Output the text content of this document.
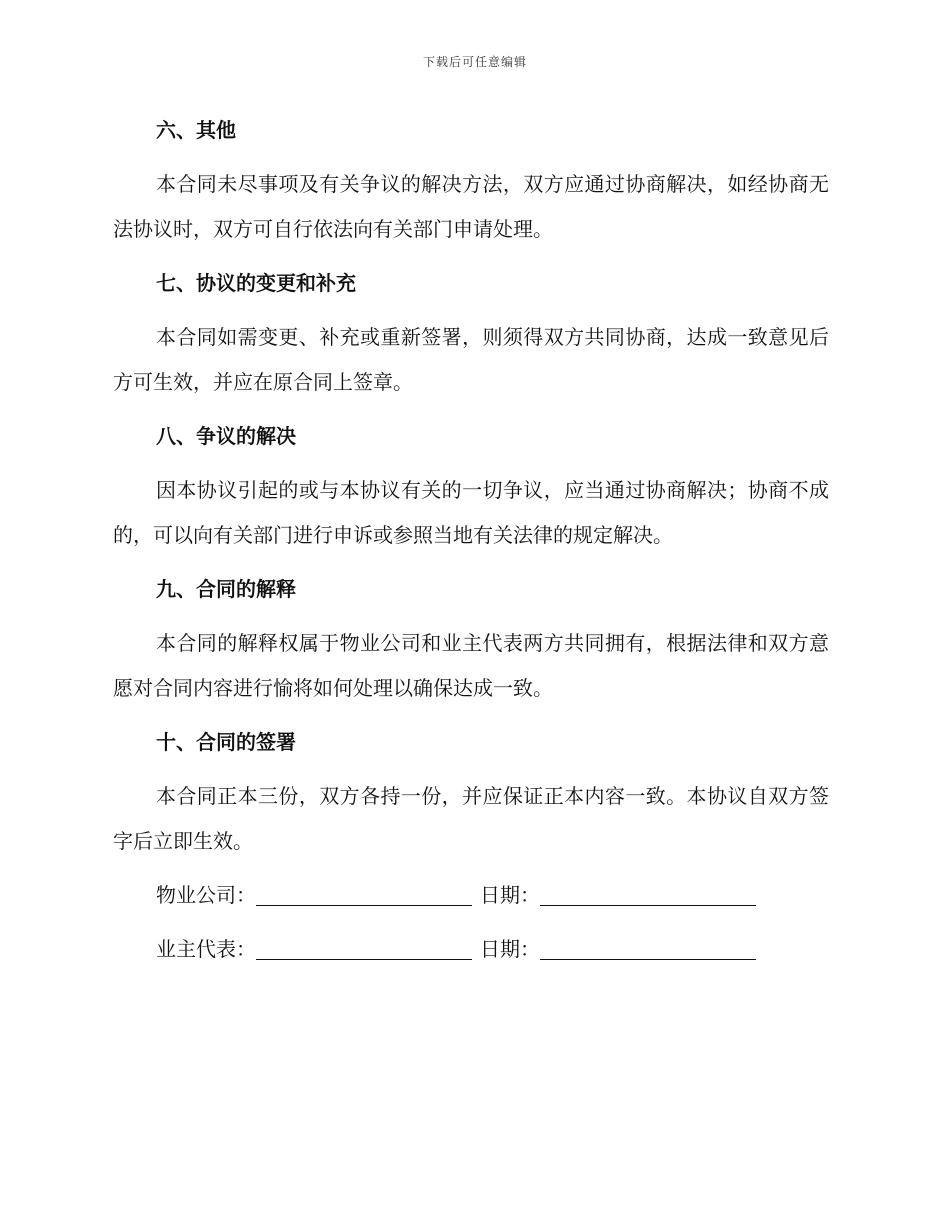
下载后可任意编辑
六、其他

本合同未尽事项及有关争议的解决方法，双方应通过协商解决，如经协商无法协议时，双方可自行依法向有关部门申请处理。

七、协议的变更和补充

本合同如需变更、补充或重新签署，则须得双方共同协商，达成一致意见后方可生效，并应在原合同上签章。

八、争议的解决

因本协议引起的或与本协议有关的一切争议，应当通过协商解决；协商不成的，可以向有关部门进行申诉或参照当地有关法律的规定解决。

九、合同的解释

本合同的解释权属于物业公司和业主代表两方共同拥有，根据法律和双方意愿对合同内容进行愉将如何处理以确保达成一致。

十、合同的签署

本合同正本三份，双方各持一份，并应保证正本内容一致。本协议自双方签字后立即生效。

物业公司：	日期：
业主代表：	日期：
